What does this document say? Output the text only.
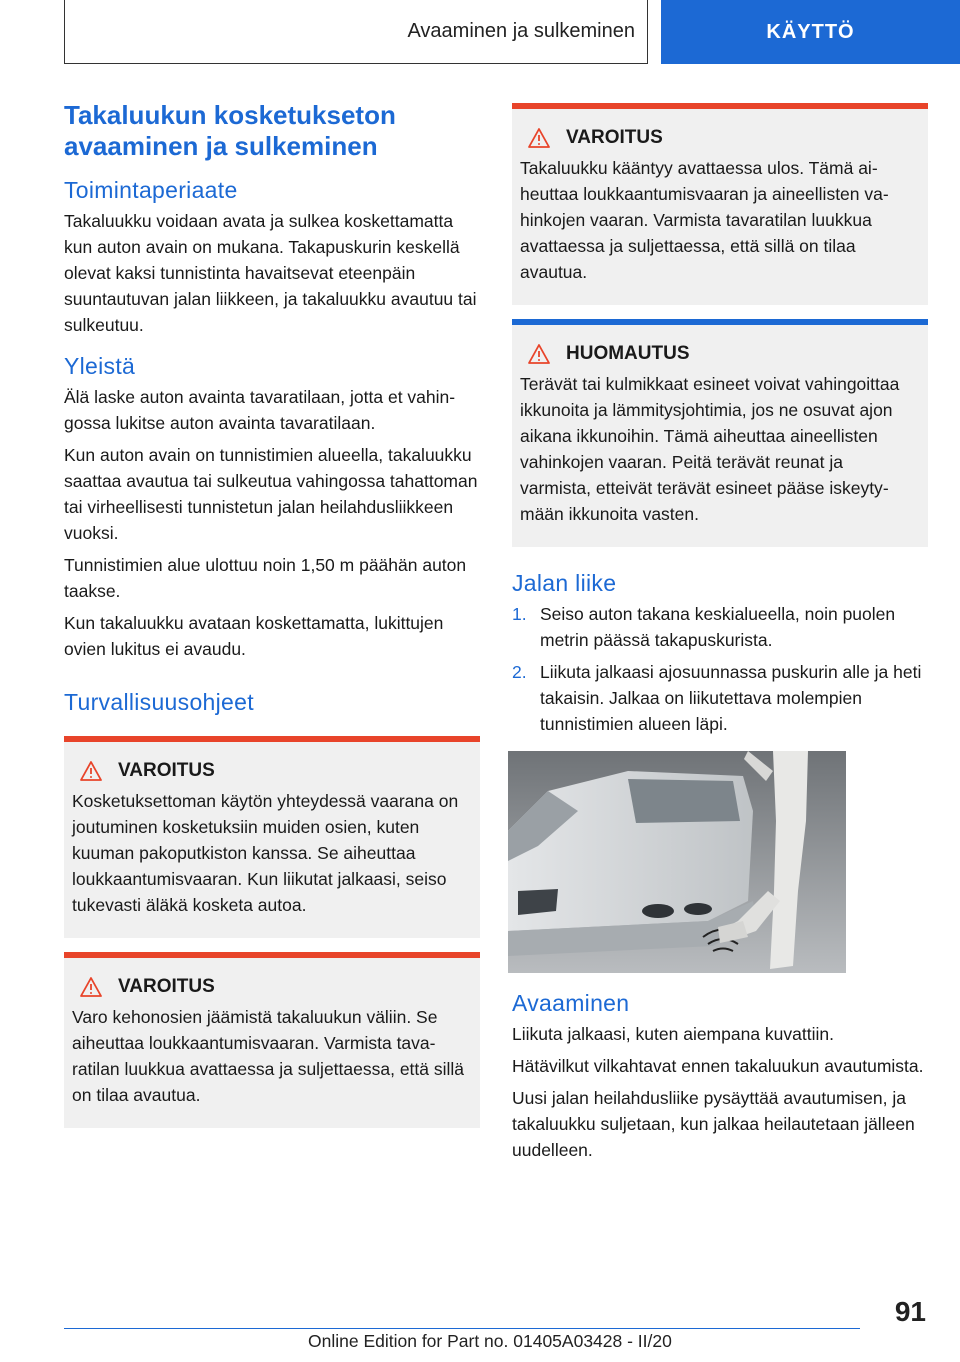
Avaaminen ja sulkeminen	KÄYTTÖ
Takaluukun kosketukseton avaaminen ja sulkeminen
Toimintaperiaate

Takaluukku voidaan avata ja sulkea koskettamatta kun auton avain on mukana. Takapuskurin keskellä olevat kaksi tunnistinta havaitsevat eteenpäin suuntautuvan jalan liikkeen, ja takaluukku avautuu tai sulkeutuu.

Yleistä

Älä laske auton avainta tavaratilaan, jotta et vahingossa lukitse auton avainta tavaratilaan.

Kun auton avain on tunnistimien alueella, takaluukku saattaa avautua tai sulkeutua vahingossa tahattoman tai virheellisesti tunnistetun jalan heilahdusliikkeen vuoksi.

Tunnistimien alue ulottuu noin 1,50 m päähän auton taakse.

Kun takaluukku avataan koskettamatta, lukittujen ovien lukitus ei avaudu.

Turvallisuusohjeet
VAROITUS

Kosketuksettoman käytön yhteydessä vaarana on joutuminen kosketuksiin muiden osien, kuten kuuman pakoputkiston kanssa. Se aiheuttaa loukkaantumisvaaran. Kun liikutat jalkaasi, seiso tukevasti äläkä kosketa autoa.

VAROITUS

Varo kehonosien jäämistä takaluukun väliin. Se aiheuttaa loukkaantumisvaaran. Varmista tavaratilan luukkua avattaessa ja suljettaessa, että sillä on tilaa avautua.

VAROITUS

Takaluukku kääntyy avattaessa ulos. Tämä aiheuttaa loukkaantumisvaaran ja aineellisten vahinkojen vaaran. Varmista tavaratilan luukkua avattaessa ja suljettaessa, että sillä on tilaa avautua.

HUOMAUTUS

Terävät tai kulmikkaat esineet voivat vahingoittaa ikkunoita ja lämmitysjohtimia, jos ne osuvat ajon aikana ikkunoihin. Tämä aiheuttaa aineellisten vahinkojen vaaran. Peitä terävät reunat ja varmista, etteivät terävät esineet pääse iskeytymään ikkunoita vasten.

Jalan liike
1. Seiso auton takana keskialueella, noin puolen metrin päässä takapuskurista.
2. Liikuta jalkaasi ajosuunnassa puskurin alle ja heti takaisin. Jalkaa on liikutettava molempien tunnistimien alueen läpi.
Avaaminen

Liikuta jalkaasi, kuten aiempana kuvattiin.

Hätävilkut vilkahtavat ennen takaluukun avautumista.

Uusi jalan heilahdusliike pysäyttää avautumisen, ja takaluukku suljetaan, kun jalkaa heilautetaan jälleen uudelleen.

91
Online Edition for Part no. 01405A03428 - II/20
